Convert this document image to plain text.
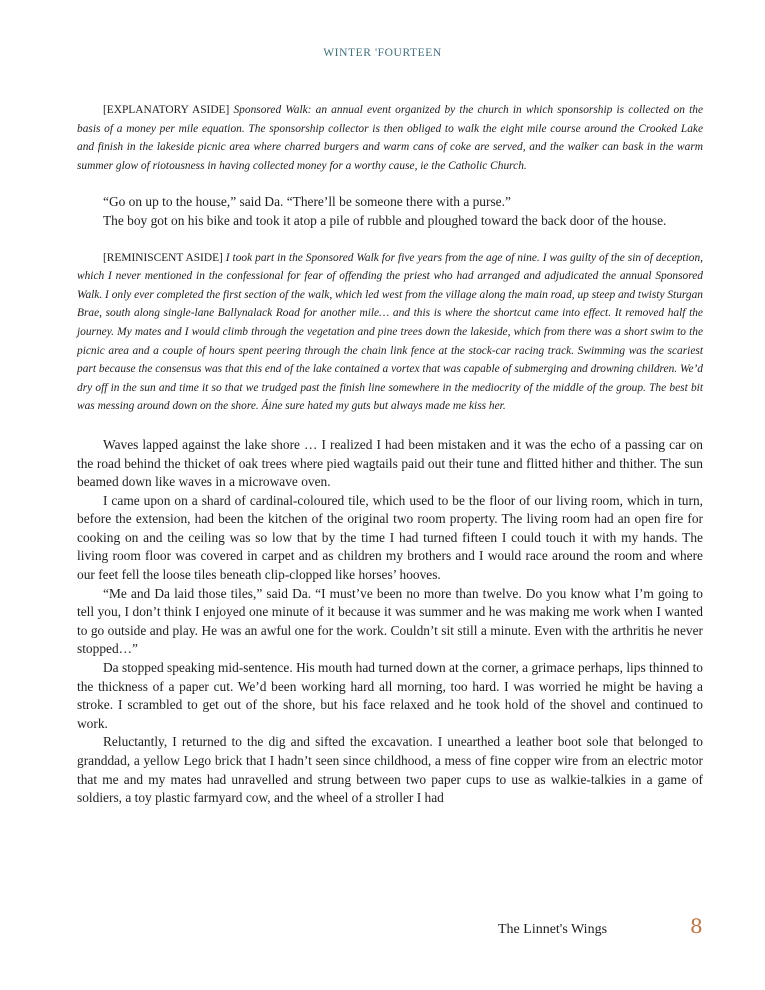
WINTER 'FOURTEEN

[EXPLANATORY ASIDE] Sponsored Walk: an annual event organized by the church in which sponsorship is collected on the basis of a money per mile equation. The sponsorship collector is then obliged to walk the eight mile course around the Crooked Lake and finish in the lakeside picnic area where charred burgers and warm cans of coke are served, and the walker can bask in the warm summer glow of riotousness in having collected money for a worthy cause, ie the Catholic Church.

“Go on up to the house,” said Da. “There’ll be someone there with a purse.”

The boy got on his bike and took it atop a pile of rubble and ploughed toward the back door of the house.

[REMINISCENT ASIDE] I took part in the Sponsored Walk for five years from the age of nine. I was guilty of the sin of deception, which I never mentioned in the confessional for fear of offending the priest who had arranged and adjudicated the annual Sponsored Walk. I only ever completed the first section of the walk, which led west from the village along the main road, up steep and twisty Sturgan Brae, south along single-lane Ballynalack Road for another mile… and this is where the shortcut came into effect. It removed half the journey. My mates and I would climb through the vegetation and pine trees down the lakeside, which from there was a short swim to the picnic area and a couple of hours spent peering through the chain link fence at the stock-car racing track. Swimming was the scariest part because the consensus was that this end of the lake contained a vortex that was capable of submerging and drowning children. We’d dry off in the sun and time it so that we trudged past the finish line somewhere in the mediocrity of the middle of the group. The best bit was messing around down on the shore. Áine sure hated my guts but always made me kiss her.

Waves lapped against the lake shore … I realized I had been mistaken and it was the echo of a passing car on the road behind the thicket of oak trees where pied wagtails paid out their tune and flitted hither and thither. The sun beamed down like waves in a microwave oven.

I came upon on a shard of cardinal-coloured tile, which used to be the floor of our living room, which in turn, before the extension, had been the kitchen of the original two room property. The living room had an open fire for cooking on and the ceiling was so low that by the time I had turned fifteen I could touch it with my hands. The living room floor was covered in carpet and as children my brothers and I would race around the room and where our feet fell the loose tiles beneath clip-clopped like horses’ hooves.

“Me and Da laid those tiles,” said Da. “I must’ve been no more than twelve. Do you know what I’m going to tell you, I don’t think I enjoyed one minute of it because it was summer and he was making me work when I wanted to go outside and play. He was an awful one for the work. Couldn’t sit still a minute. Even with the arthritis he never stopped…”

Da stopped speaking mid-sentence. His mouth had turned down at the corner, a grimace perhaps, lips thinned to the thickness of a paper cut. We’d been working hard all morning, too hard. I was worried he might be having a stroke. I scrambled to get out of the shore, but his face relaxed and he took hold of the shovel and continued to work.

Reluctantly, I returned to the dig and sifted the excavation. I unearthed a leather boot sole that belonged to granddad, a yellow Lego brick that I hadn’t seen since childhood, a mess of fine copper wire from an electric motor that me and my mates had unravelled and strung between two paper cups to use as walkie-talkies in a game of soldiers, a toy plastic farmyard cow, and the wheel of a stroller I had

The Linnet's Wings	8
